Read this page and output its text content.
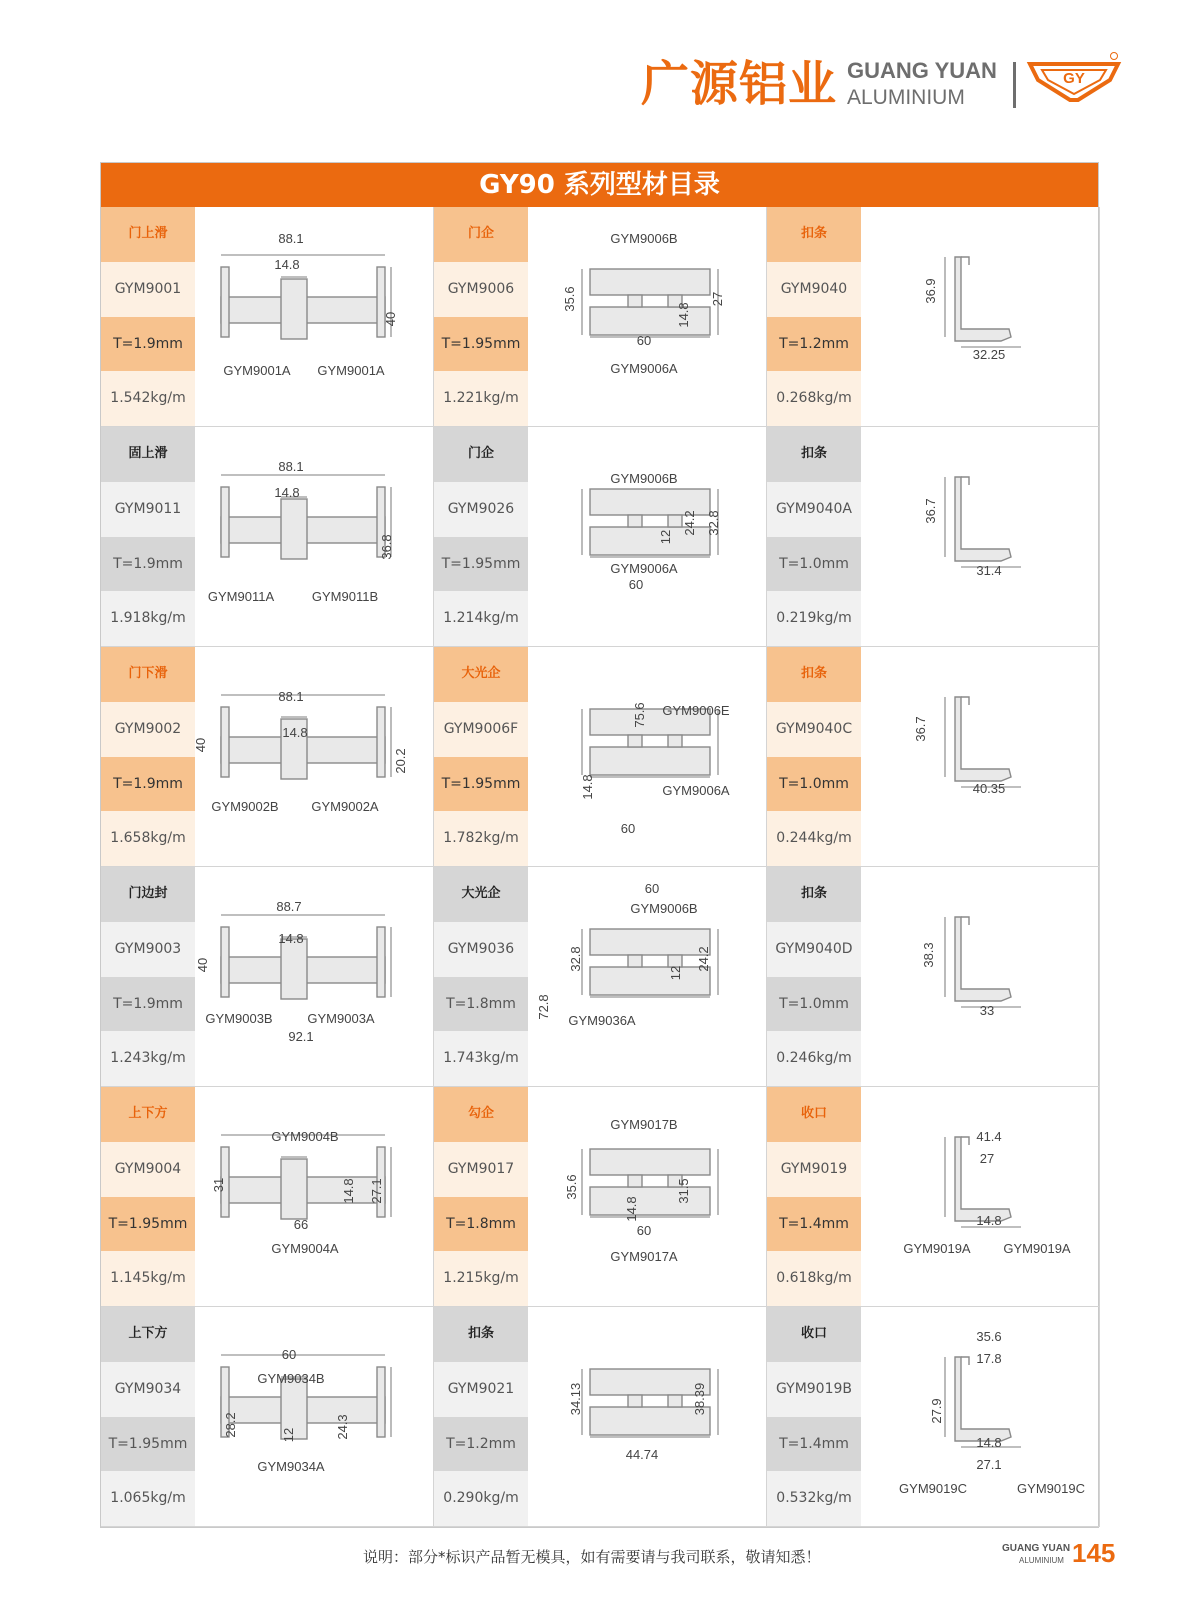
广源铝业 GUANG YUAN
ALUMINIUM
GY
GY90 系列型材目录
门上滑
GYM9001
T=1.9mm
1.542kg/m
88.1
14.8
40
GYM9001A GYM9001A
门企
GYM9006
T=1.95mm
1.221kg/m
GYM9006B
35.6	27
14.8
60
GYM9006A
扣条
GYM9040
T=1.2mm
0.268kg/m
36.9
32.25
固上滑
GYM9011
T=1.9mm
1.918kg/m
88.1
14.8
36.8
GYM9011A	GYM9011B
门企
GYM9026
T=1.95mm
1.214kg/m
GYM9006B
12
24.2 32.8
GYM9006A
60
扣条
GYM9040A
T=1.0mm
0.219kg/m
36.7
31.4
门下滑
GYM9002
T=1.9mm
1.658kg/m
88.1
14.8
40
20.2
GYM9002B	GYM9002A
大光企
GYM9006F
T=1.95mm
1.782kg/m
75.6 GYM9006E
14.8	GYM9006A
60
扣条
GYM9040C
T=1.0mm
0.244kg/m
36.7
40.35
门边封
GYM9003
T=1.9mm
1.243kg/m
88.7
14.8
40
GYM9003B	GYM9003A
92.1
大光企
GYM9036
T=1.8mm
1.743kg/m
60
GYM9006B
32.8	24.2
12
72.8
GYM9036A
扣条
GYM9040D
T=1.0mm
0.246kg/m
38.3
33
上下方
GYM9004
T=1.95mm
1.145kg/m
GYM9004B
31	14.8 27.1
66
GYM9004A
勾企
GYM9017
T=1.8mm
1.215kg/m
GYM9017B
35.6
14.8
31.5
60
GYM9017A
收口
GYM9019
T=1.4mm
0.618kg/m
41.4
27
14.8
GYM9019A	GYM9019A
上下方
GYM9034
T=1.95mm
1.065kg/m
60
GYM9034B
28.2	12	24.3
GYM9034A
扣条
GYM9021
T=1.2mm
0.290kg/m
34.13	38.39
44.74
收口
GYM9019B
T=1.4mm
0.532kg/m
35.6
17.8
27.9
14.8
27.1
GYM9019C	GYM9019C
说明：部分*标识产品暂无模具，如有需要请与我司联系，敬请知悉！	GUANG YUAN
ALUMINIUM 145
